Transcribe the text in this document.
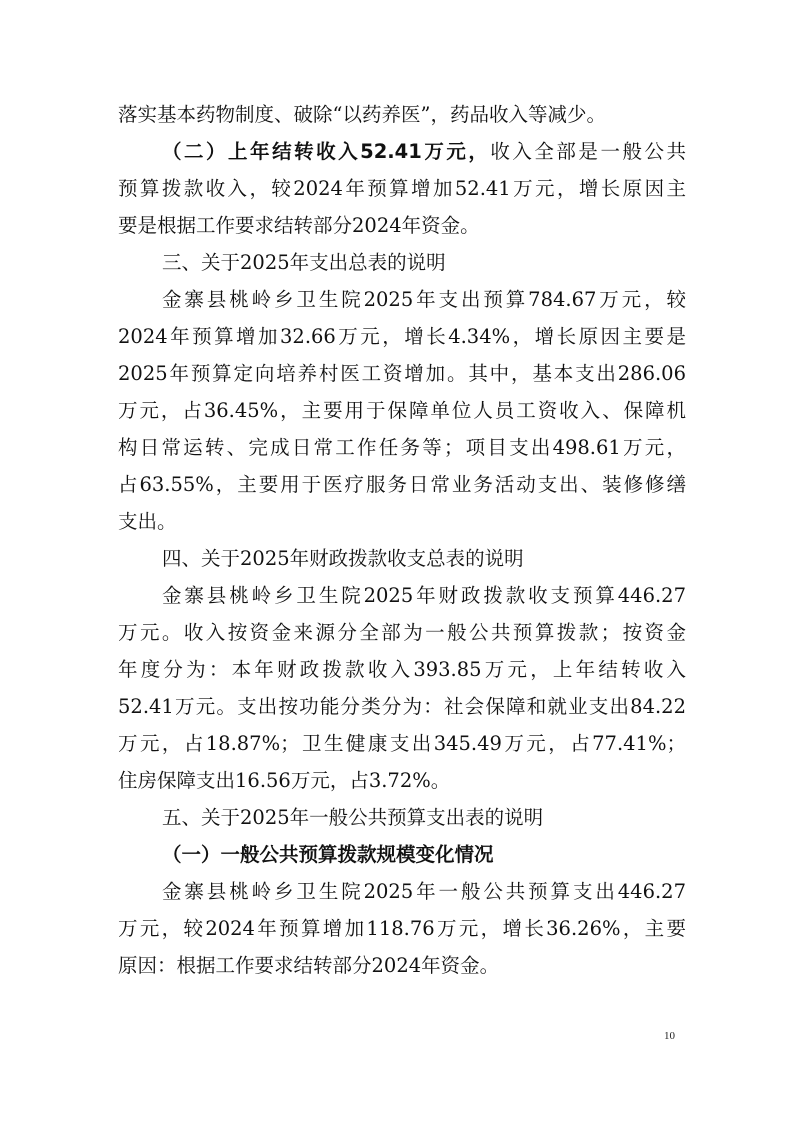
落实基本药物制度、破除“以药养医”，药品收入等减少。
（二）上年结转收入52.41万元，收入全部是一般公共
预算拨款收入，较2024年预算增加52.41万元，增长原因主
要是根据工作要求结转部分2024年资金。
三、关于2025年支出总表的说明
金寨县桃岭乡卫生院2025年支出预算784.67万元，较
2024年预算增加32.66万元，增长4.34%，增长原因主要是
2025年预算定向培养村医工资增加。其中，基本支出286.06
万元，占36.45%，主要用于保障单位人员工资收入、保障机
构日常运转、完成日常工作任务等；项目支出498.61万元，
占63.55%，主要用于医疗服务日常业务活动支出、装修修缮
支出。
四、关于2025年财政拨款收支总表的说明
金寨县桃岭乡卫生院2025年财政拨款收支预算446.27
万元。收入按资金来源分全部为一般公共预算拨款；按资金
年度分为：本年财政拨款收入393.85万元，上年结转收入
52.41万元。支出按功能分类分为：社会保障和就业支出84.22
万元，占18.87%；卫生健康支出345.49万元，占77.41%；
住房保障支出16.56万元，占3.72%。
五、关于2025年一般公共预算支出表的说明
（一）一般公共预算拨款规模变化情况
金寨县桃岭乡卫生院2025年一般公共预算支出446.27
万元，较2024年预算增加118.76万元，增长36.26%，主要
原因：根据工作要求结转部分2024年资金。
10
